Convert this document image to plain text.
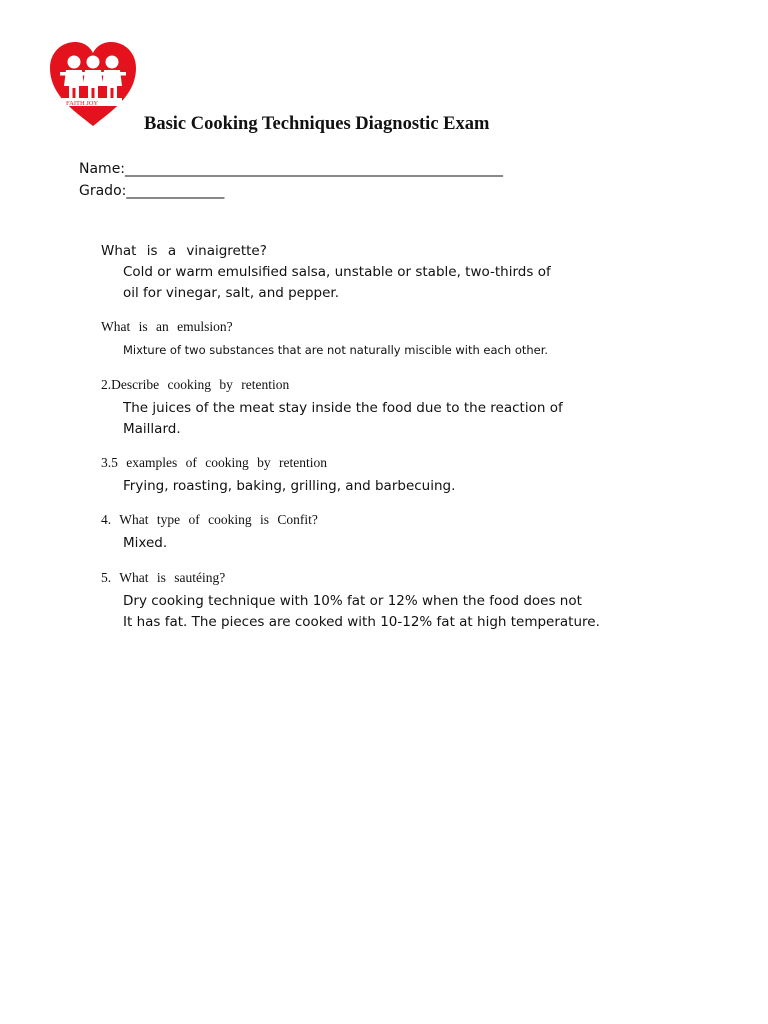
FAITH JOY
Basic Cooking Techniques Diagnostic Exam
Name:______________________________________________________
Grado:______________
What is a vinaigrette?
Cold or warm emulsified salsa, unstable or stable, two-thirds of
oil for vinegar, salt, and pepper.
What is an emulsion?
Mixture of two substances that are not naturally miscible with each other.
2.Describe cooking by retention
The juices of the meat stay inside the food due to the reaction of
Maillard.
3.5 examples of cooking by retention
Frying, roasting, baking, grilling, and barbecuing.
4. What type of cooking is Confit?
Mixed.
5. What is sautéing?
Dry cooking technique with 10% fat or 12% when the food does not
It has fat. The pieces are cooked with 10-12% fat at high temperature.
